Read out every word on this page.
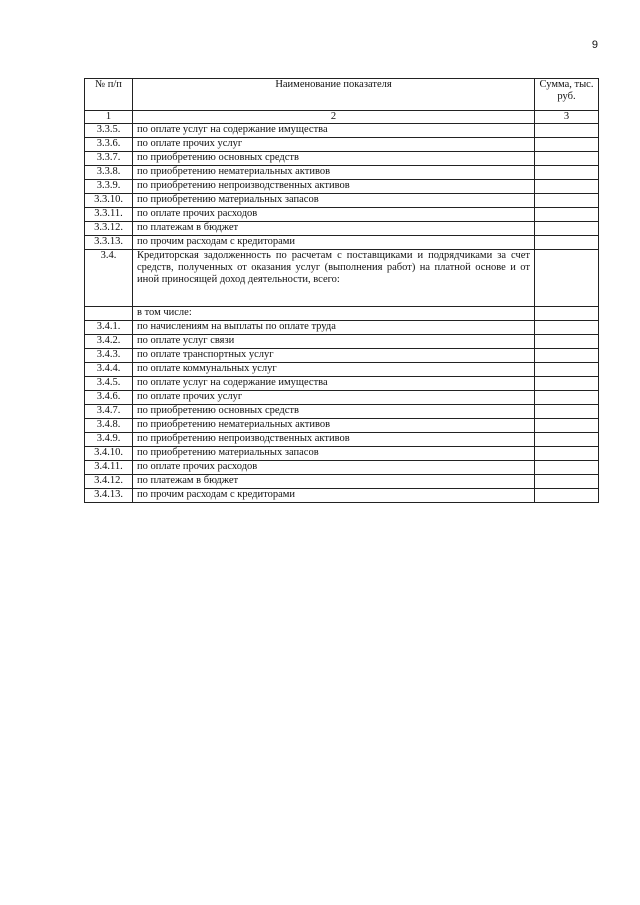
9
№ п/п	Наименование показателя	Сумма, тыс. руб.
1	2	3
3.3.5.	по оплате услуг на содержание имущества	
3.3.6.	по оплате прочих услуг	
3.3.7.	по приобретению основных средств	
3.3.8.	по приобретению нематериальных активов	
3.3.9.	по приобретению непроизводственных активов	
3.3.10.	по приобретению материальных запасов	
3.3.11.	по оплате прочих расходов	
3.3.12.	по платежам в бюджет	
3.3.13.	по прочим расходам с кредиторами	
3.4.	Кредиторская задолженность по расчетам с поставщиками и подрядчиками за счет средств, полученных от оказания услуг (выполнения работ) на платной основе и от иной приносящей доход деятельности, всего:	
	в том числе:	
3.4.1.	по начислениям на выплаты по оплате труда	
3.4.2.	по оплате услуг связи	
3.4.3.	по оплате транспортных услуг	
3.4.4.	по оплате коммунальных услуг	
3.4.5.	по оплате услуг на содержание имущества	
3.4.6.	по оплате прочих услуг	
3.4.7.	по приобретению основных средств	
3.4.8.	по приобретению нематериальных активов	
3.4.9.	по приобретению непроизводственных активов	
3.4.10.	по приобретению материальных запасов	
3.4.11.	по оплате прочих расходов	
3.4.12.	по платежам в бюджет	
3.4.13.	по прочим расходам с кредиторами	
